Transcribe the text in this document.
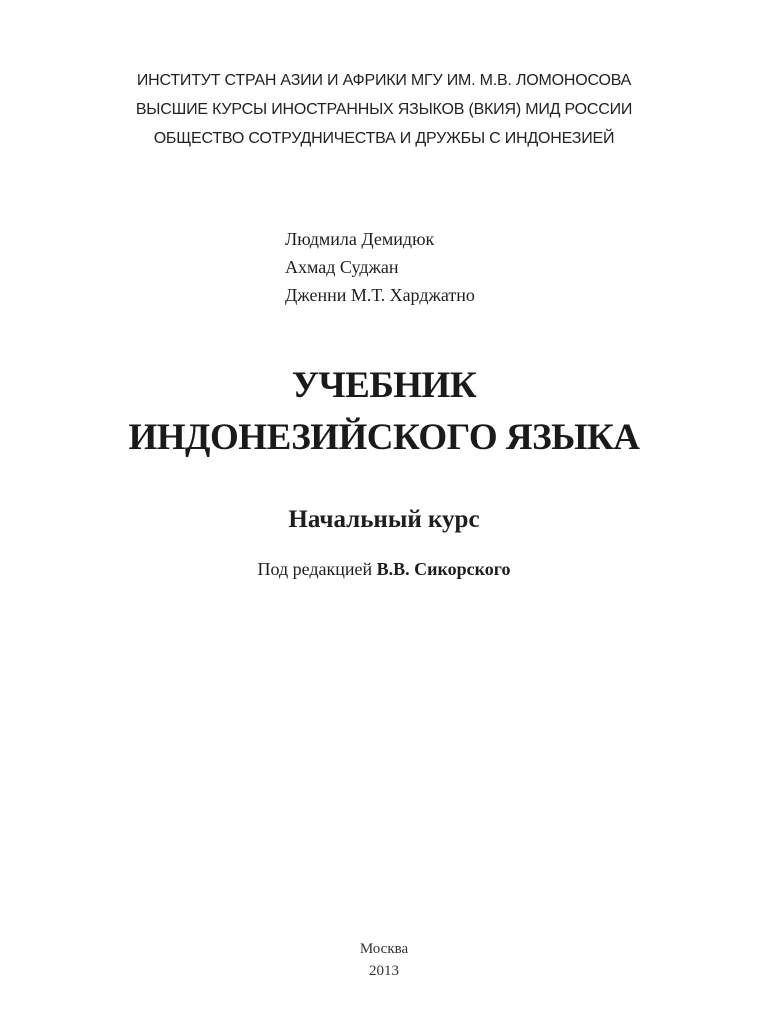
ИНСТИТУТ СТРАН АЗИИ И АФРИКИ МГУ ИМ. М.В. ЛОМОНОСОВА
ВЫСШИЕ КУРСЫ ИНОСТРАННЫХ ЯЗЫКОВ (ВКИЯ) МИД РОССИИ
ОБЩЕСТВО СОТРУДНИЧЕСТВА И ДРУЖБЫ С ИНДОНЕЗИЕЙ
Людмила Демидюк
Ахмад Суджан
Дженни М.Т. Харджатно
УЧЕБНИК
ИНДОНЕЗИЙСКОГО ЯЗЫКА
Начальный курс
Под редакцией В.В. Сикорского
Москва
2013
